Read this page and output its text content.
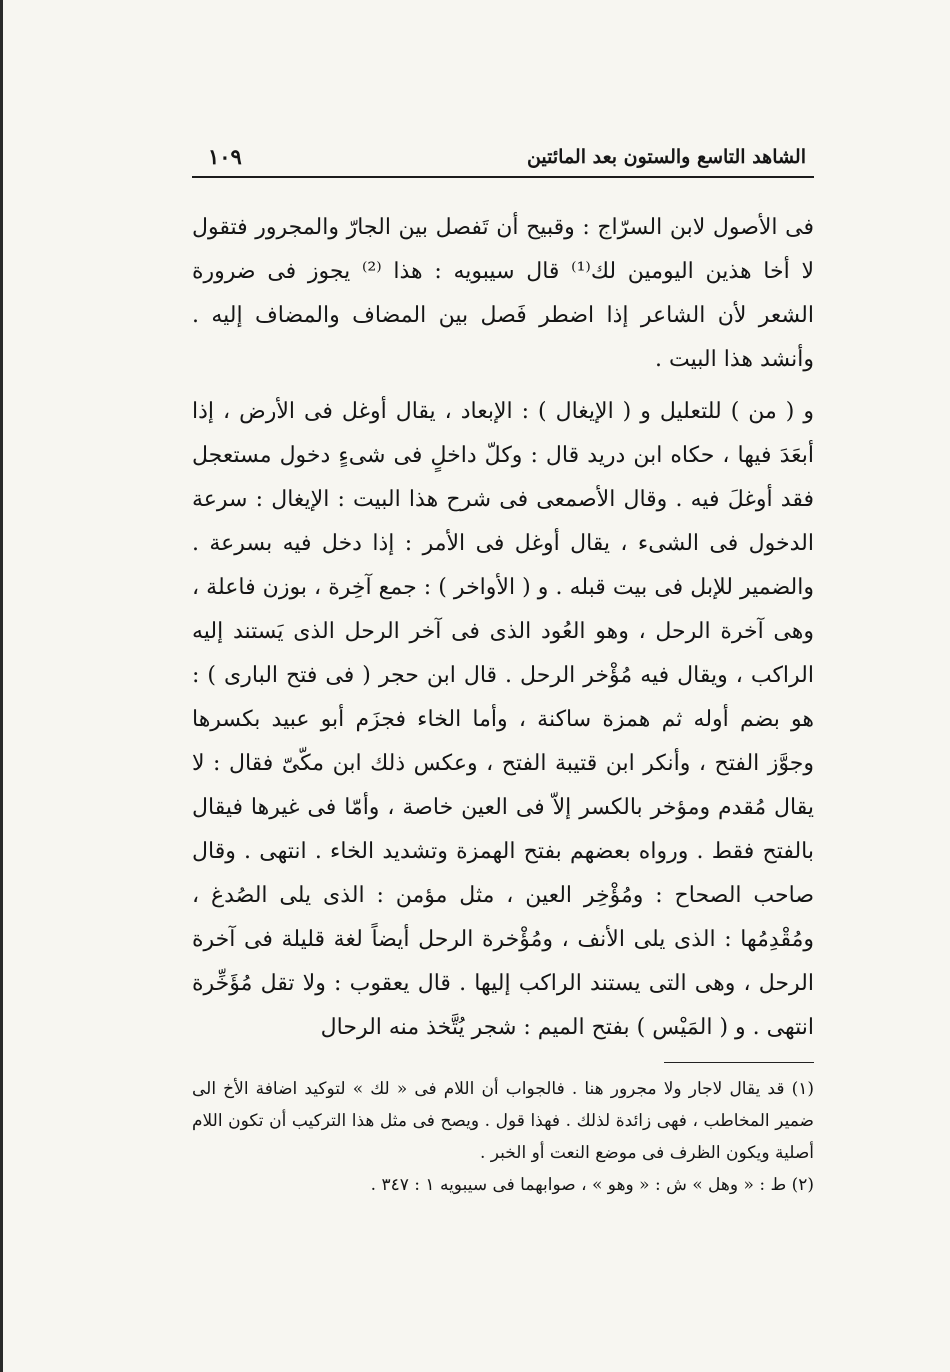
الشاهد التاسع والستون بعد المائتين
١٠٩

فى الأصول لابن السرّاج : وقبيح أن تَفصل بين الجارّ والمجرور فتقول لا أخا هذين اليومين لك⁽¹⁾ قال سيبويه : هذا ⁽²⁾ يجوز فى ضرورة الشعر لأن الشاعر إذا اضطر فَصل بين المضاف والمضاف إليه . وأنشد هذا البيت .

و ( من ) للتعليل و ( الإيغال ) : الإبعاد ، يقال أوغل فى الأرض ، إذا أبعَدَ فيها ، حكاه ابن دريد قال : وكلّ داخلٍ فى شىءٍ دخول مستعجل فقد أوغلَ فيه . وقال الأصمعى فى شرح هذا البيت : الإيغال : سرعة الدخول فى الشىء ، يقال أوغل فى الأمر : إذا دخل فيه بسرعة . والضمير للإبل فى بيت قبله . و ( الأواخر ) : جمع آخِرة ، بوزن فاعلة ، وهى آخرة الرحل ، وهو العُود الذى فى آخر الرحل الذى يَستند إليه الراكب ، ويقال فيه مُؤْخر الرحل . قال ابن حجر ( فى فتح البارى ) : هو بضم أوله ثم همزة ساكنة ، وأما الخاء فجزَم أبو عبيد بكسرها وجوَّز الفتح ، وأنكر ابن قتيبة الفتح ، وعكس ذلك ابن مكّىّ فقال : لا يقال مُقدم ومؤخر بالكسر إلاّ فى العين خاصة ، وأمّا فى غيرها فيقال بالفتح فقط . ورواه بعضهم بفتح الهمزة وتشديد الخاء . انتهى . وقال صاحب الصحاح : ومُؤْخِر العين ، مثل مؤمن : الذى يلى الصُدغ ، ومُقْدِمُها : الذى يلى الأنف ، ومُؤْخرة الرحل أيضاً لغة قليلة فى آخرة الرحل ، وهى التى يستند الراكب إليها . قال يعقوب : ولا تقل مُؤَخِّرة انتهى . و ( المَيْس ) بفتح الميم : شجر يُتَّخذ منه الرحال

(١) قد يقال لاجار ولا مجرور هنا . فالجواب أن اللام فى « لك » لتوكيد اضافة الأخ الى ضمير المخاطب ، فهى زائدة لذلك . فهذا قول . ويصح فى مثل هذا التركيب أن تكون اللام أصلية ويكون الظرف فى موضع النعت أو الخبر .

(٢) ط : « وهل » ش : « وهو » ، صوابهما فى سيبويه ١ : ٣٤٧ .
